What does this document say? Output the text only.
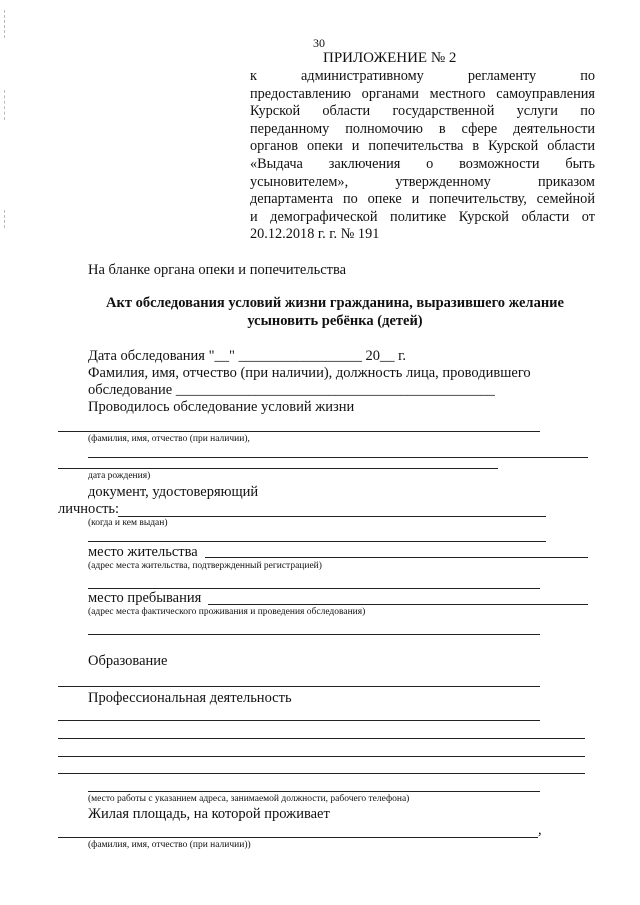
30
ПРИЛОЖЕНИЕ № 2
к административному регламенту по
предоставлению органами местного самоуправления
Курской области государственной услуги по
переданному полномочию в сфере деятельности
органов опеки и попечительства в Курской области
«Выдача заключения о возможности быть
усыновителем», утвержденному приказом
департамента по опеке и попечительству, семейной
и демографической политике Курской области от
20.12.2018 г. г. № 191
На бланке органа опеки и попечительства
Акт обследования условий жизни гражданина, выразившего желание
усыновить ребёнка (детей)
Дата обследования "__" _________________ 20__ г.
Фамилия, имя, отчество (при наличии), должность лица, проводившего
обследование ____________________________________________
Проводилось обследование условий жизни
(фамилия, имя, отчество (при наличии),
дата рождения)
документ, удостоверяющий
личность:
(когда и кем выдан)
место жительства
(адрес места жительства, подтвержденный регистрацией)
место пребывания
(адрес места фактического проживания и проведения обследования)
Образование
Профессиональная деятельность
(место работы с указанием адреса, занимаемой должности, рабочего телефона)
Жилая площадь, на которой проживает
,
(фамилия, имя, отчество (при наличии))
